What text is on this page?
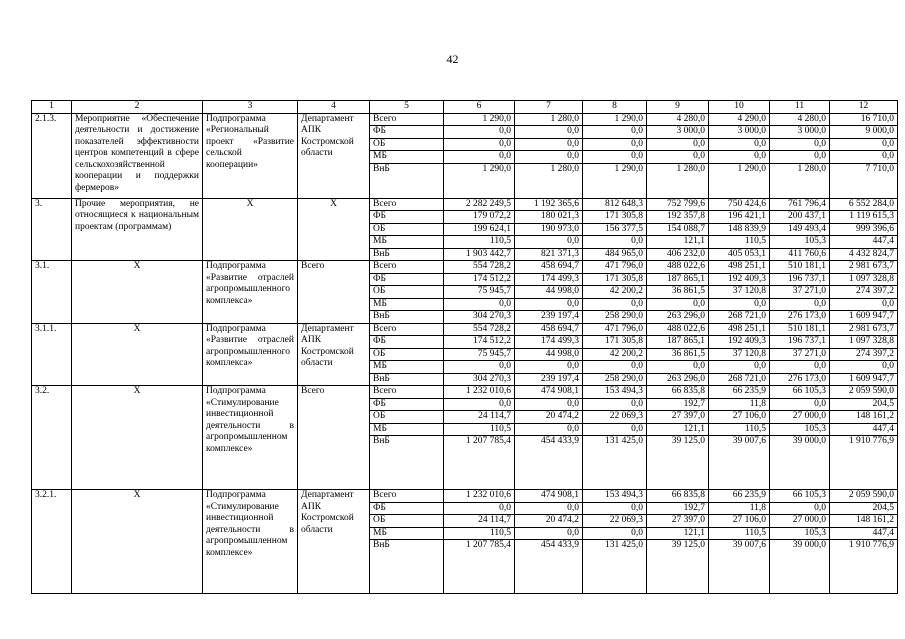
42
1	2	3	4	5	6	7	8	9	10	11	12
2.1.3.	Мероприятие «Обеспечение деятельности и достижение показателей эффективности центров компетенций в сфере сельскохозяйственной кооперации и поддержки фермеров»	Подпрограмма «Региональный проект «Развитие сельской кооперации»	Департамент АПК Костромской области	Всего	1 290,0	1 280,0	1 290,0	4 280,0	4 290,0	4 280,0	16 710,0
				ФБ	0,0	0,0	0,0	3 000,0	3 000,0	3 000,0	9 000,0
				ОБ	0,0	0,0	0,0	0,0	0,0	0,0	0,0
				МБ	0,0	0,0	0,0	0,0	0,0	0,0	0,0
				ВнБ	1 290,0	1 280,0	1 290,0	1 280,0	1 290,0	1 280,0	7 710,0
3.	Прочие мероприятия, не относящиеся к национальным проектам (программам)	Х	Х	Всего	2 282 249,5	1 192 365,6	812 648,3	752 799,6	750 424,6	761 796,4	6 552 284,0
				ФБ	179 072,2	180 021,3	171 305,8	192 357,8	196 421,1	200 437,1	1 119 615,3
				ОБ	199 624,1	190 973,0	156 377,5	154 088,7	148 839,9	149 493,4	999 396,6
				МБ	110,5	0,0	0,0	121,1	110,5	105,3	447,4
				ВнБ	1 903 442,7	821 371,3	484 965,0	406 232,0	405 053,1	411 760,6	4 432 824,7
3.1.	Х	Подпрограмма «Развитие отраслей агропромышленного комплекса»	Всего	Всего	554 728,2	458 694,7	471 796,0	488 022,6	498 251,1	510 181,1	2 981 673,7
				ФБ	174 512,2	174 499,3	171 305,8	187 865,1	192 409,3	196 737,1	1 097 328,8
				ОБ	75 945,7	44 998,0	42 200,2	36 861,5	37 120,8	37 271,0	274 397,2
				МБ	0,0	0,0	0,0	0,0	0,0	0,0	0,0
				ВнБ	304 270,3	239 197,4	258 290,0	263 296,0	268 721,0	276 173,0	1 609 947,7
3.1.1.	Х	Подпрограмма «Развитие отраслей агропромышленного комплекса»	Департамент АПК Костромской области	Всего	554 728,2	458 694,7	471 796,0	488 022,6	498 251,1	510 181,1	2 981 673,7
				ФБ	174 512,2	174 499,3	171 305,8	187 865,1	192 409,3	196 737,1	1 097 328,8
				ОБ	75 945,7	44 998,0	42 200,2	36 861,5	37 120,8	37 271,0	274 397,2
				МБ	0,0	0,0	0,0	0,0	0,0	0,0	0,0
				ВнБ	304 270,3	239 197,4	258 290,0	263 296,0	268 721,0	276 173,0	1 609 947,7
3.2.	Х	Подпрограмма «Стимулирование инвестиционной деятельности в агропромышленном комплексе»	Всего	Всего	1 232 010,6	474 908,1	153 494,3	66 835,8	66 235,9	66 105,3	2 059 590,0
				ФБ	0,0	0,0	0,0	192,7	11,8	0,0	204,5
				ОБ	24 114,7	20 474,2	22 069,3	27 397,0	27 106,0	27 000,0	148 161,2
				МБ	110,5	0,0	0,0	121,1	110,5	105,3	447,4
				ВнБ	1 207 785,4	454 433,9	131 425,0	39 125,0	39 007,6	39 000,0	1 910 776,9
3.2.1.	Х	Подпрограмма «Стимулирование инвестиционной деятельности в агропромышленном комплексе»	Департамент АПК Костромской области	Всего	1 232 010,6	474 908,1	153 494,3	66 835,8	66 235,9	66 105,3	2 059 590,0
				ФБ	0,0	0,0	0,0	192,7	11,8	0,0	204,5
				ОБ	24 114,7	20 474,2	22 069,3	27 397,0	27 106,0	27 000,0	148 161,2
				МБ	110,5	0,0	0,0	121,1	110,5	105,3	447,4
				ВнБ	1 207 785,4	454 433,9	131 425,0	39 125,0	39 007,6	39 000,0	1 910 776,9
